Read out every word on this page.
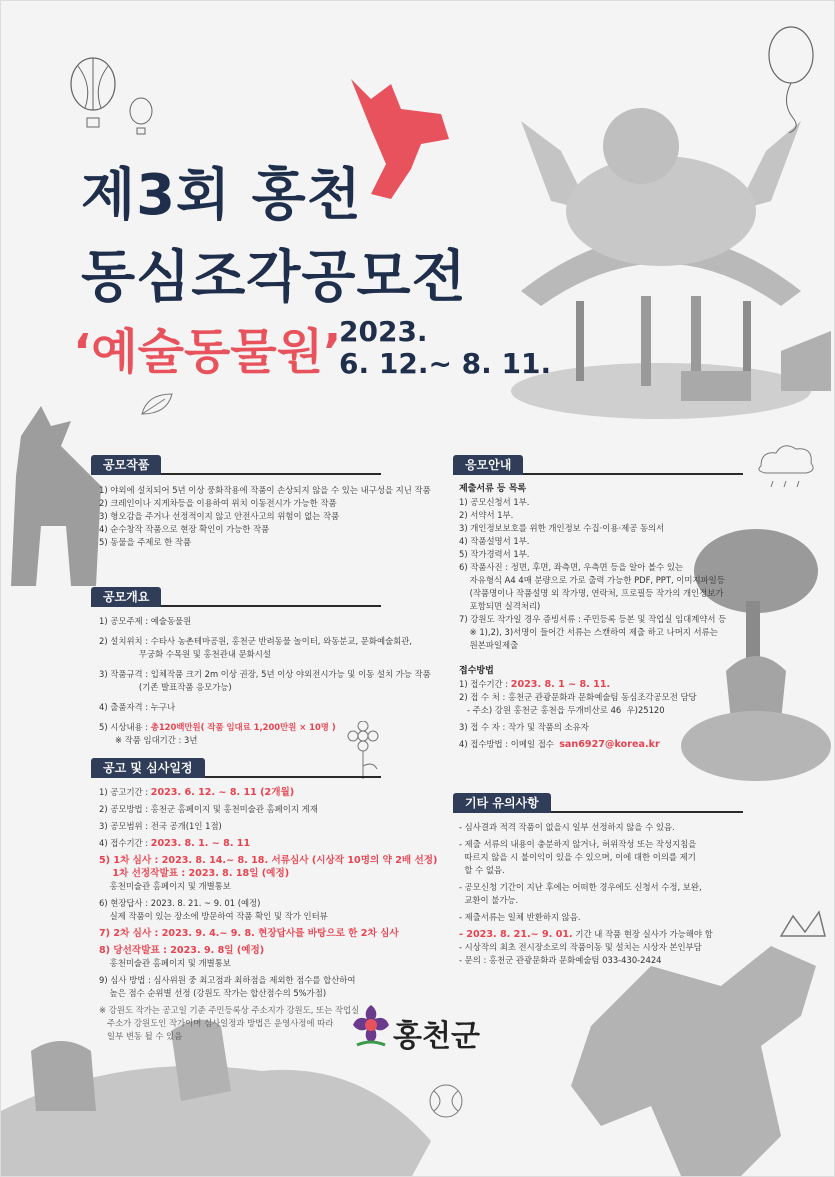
제3회 홍천
동심조각공모전
‘예술동물원’
2023.
6. 12.~ 8. 11.
공모작품

1) 야외에 설치되어 5년 이상 풍화작용에 작품이 손상되지 않을 수 있는 내구성을 지닌 작품

2) 크레인이나 지게차등을 이용하여 위치 이동전시가 가능한 작품

3) 형오감을 주거나 선정적이지 않고 안전사고의 위험이 없는 작품

4) 순수창작 작품으로 현장 확인이 가능한 작품

5) 동물을 주제로 한 작품

공모개요

1) 공모주제 : 예술동물원

2) 설치위치 : 수타사 농촌테마공원, 홍천군 반려동물 놀이터, 와동분교, 문화예술회관,

무궁화 수목원 및 홍천관내 문화시설

3) 작품규격 : 입체작품 크기 2m 이상 권장, 5년 이상 야외전시가능 및 이동 설치 가능 작품

(기존 발표작품 응모가능)

4) 출품자격 : 누구나

5) 시상내용 : 총120백만원( 작품 임대료 1,200만원 × 10명 )

※ 작품 임대기간 : 3년

공고 및 심사일정

1) 공고기간 : 2023. 6. 12. ~ 8. 11 (2개월)

2) 공모방법 : 홍천군 홈페이지 및 홍천미술관 홈페이지 게재

3) 공모범위 : 전국 공개(1인 1점)

4) 접수기간 : 2023. 8. 1. ~ 8. 11

5) 1차 심사 : 2023. 8. 14.~ 8. 18. 서류심사 (시상작 10명의 약 2배 선정)

1차 선정작발표 : 2023. 8. 18일 (예정)

홍천미술관 홈페이지 및 개별통보

6) 현장답사 : 2023. 8. 21. ~ 9. 01 (예정)

실제 작품이 있는 장소에 방문하여 작품 확인 및 작가 인터뷰

7) 2차 심사 : 2023. 9. 4.~ 9. 8. 현장답사를 바탕으로 한 2차 심사

8) 당선작발표 : 2023. 9. 8일 (예정)

홍천미술관 홈페이지 및 개별통보

9) 심사 방법 : 심사위원 중 최고점과 최하점을 제외한 점수를 합산하여

높은 점수 순위별 선정 (강원도 작가는 합산점수의 5%가점)

※ 강원도 작가는 공고일 기준 주민등록상 주소지가 강원도, 또는 작업실

주소가 강원도인 작가이며 심사일정과 방법은 운영사정에 따라

일부 변동 될 수 있음

응모안내

제출서류 등 목록

1) 공모신청서 1부.

2) 서약서 1부.

3) 개인정보보호를 위한 개인정보 수집·이용·제공 동의서

4) 작품설명서 1부.

5) 작가경력서 1부.

6) 작품사진 : 정면, 후면, 좌측면, 우측면 등을 알아 볼수 있는

자유형식 A4 4매 분량으로 가로 출력 가능한 PDF, PPT, 이미지파일등

(작품명이나 작품설명 외 작가명, 연락처, 프로필등 작가의 개인정보가

포함되면 실격처리)

7) 강원도 작가일 경우 증빙서류 : 주민등록 등본 및 작업실 임대계약서 등

※ 1),2), 3)서명이 들어간 서류는 스캔하여 제출 하고 나머지 서류는

원본파일제출

접수방법

1) 접수기간 : 2023. 8. 1 ~ 8. 11.

2) 접 수 처 : 홍천군 관광문화과 문화예술팀 동심조각공모전 담당

- 주소) 강원 홍천군 홍천읍 두개비산로 46  우)25120

3) 접 수 자 : 작가 및 작품의 소유자

4) 접수방법 : 이메일 접수  san6927@korea.kr

기타 유의사항

- 심사결과 적격 작품이 없을시 일부 선정하지 않을 수 있음.

- 제출 서류의 내용이 충분하지 않거나, 허위작성 또는 작성지침을

따르지 않을 시 불이익이 있을 수 있으며, 이에 대한 이의를 제기

할 수 없음.

- 공모신청 기간이 지난 후에는 어떠한 경우에도 신청서 수정, 보완,

교환이 불가능.

- 제출서류는 일체 반환하지 않음.

- 2023. 8. 21.~ 9. 01. 기간 내 작품 현장 실사가 가능해야 함

- 시상작의 최초 전시장소로의 작품이동 및 설치는 시상자 본인부담

- 문의 : 홍천군 관광문화과 문화예술팀 033-430-2424

홍천군
